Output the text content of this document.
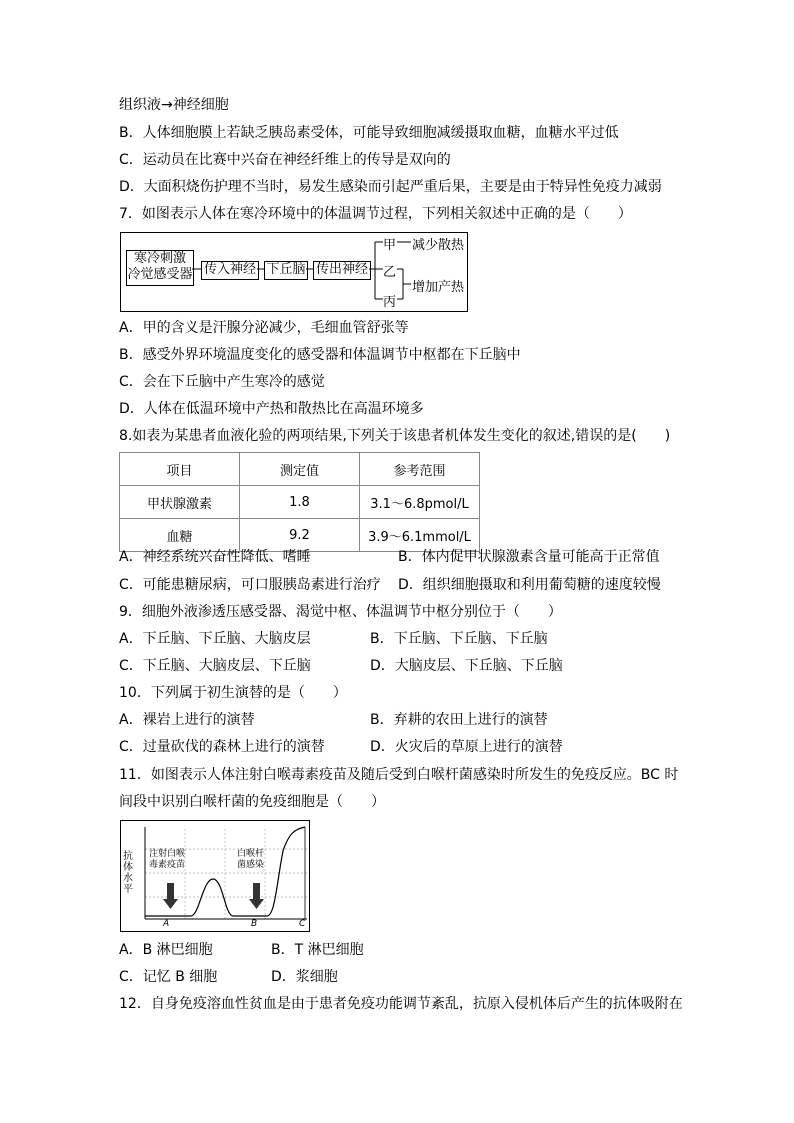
组织液→神经细胞
B．人体细胞膜上若缺乏胰岛素受体，可能导致细胞减缓摄取血糖，血糖水平过低
C．运动员在比赛中兴奋在神经纤维上的传导是双向的
D．大面积烧伤护理不当时，易发生感染而引起严重后果，主要是由于特异性免疫力减弱
7．如图表示人体在寒冷环境中的体温调节过程，下列相关叙述中正确的是（　　）
寒冷刺激
冷觉感受器 传入神经 下丘脑 传出神经
甲
乙
丙
减少散热
增加产热
A．甲的含义是汗腺分泌减少，毛细血管舒张等
B．感受外界环境温度变化的感受器和体温调节中枢都在下丘脑中
C．会在下丘脑中产生寒冷的感觉
D．人体在低温环境中产热和散热比在高温环境多
8.如表为某患者血液化验的两项结果,下列关于该患者机体发生变化的叙述,错误的是(　　)
项目	测定值	参考范围
甲状腺激素	1.8	3.1～6.8pmol/L
血糖	9.2	3.9～6.1mmol/L
A．神经系统兴奋性降低、嗜睡	B．体内促甲状腺激素含量可能高于正常值
C．可能患糖尿病，可口服胰岛素进行治疗 D．组织细胞摄取和利用葡萄糖的速度较慢
9．细胞外液渗透压感受器、渴觉中枢、体温调节中枢分别位于（　　）
A．下丘脑、下丘脑、大脑皮层	B．下丘脑、下丘脑、下丘脑
C．下丘脑、大脑皮层、下丘脑	D．大脑皮层、下丘脑、下丘脑
10．下列属于初生演替的是（　　）
A．裸岩上进行的演替	B．弃耕的农田上进行的演替
C．过量砍伐的森林上进行的演替	D．火灾后的草原上进行的演替
11．如图表示人体注射白喉毒素疫苗及随后受到白喉杆菌感染时所发生的免疫反应。BC 时
间段中识别白喉杆菌的免疫细胞是（　　）
抗
体
水
平
注射白喉
毒素疫苗
白喉杆
菌感染
A	B	C
A．B 淋巴细胞	B．T 淋巴细胞
C．记忆 B 细胞	D．浆细胞
12．自身免疫溶血性贫血是由于患者免疫功能调节紊乱，抗原入侵机体后产生的抗体吸附在
